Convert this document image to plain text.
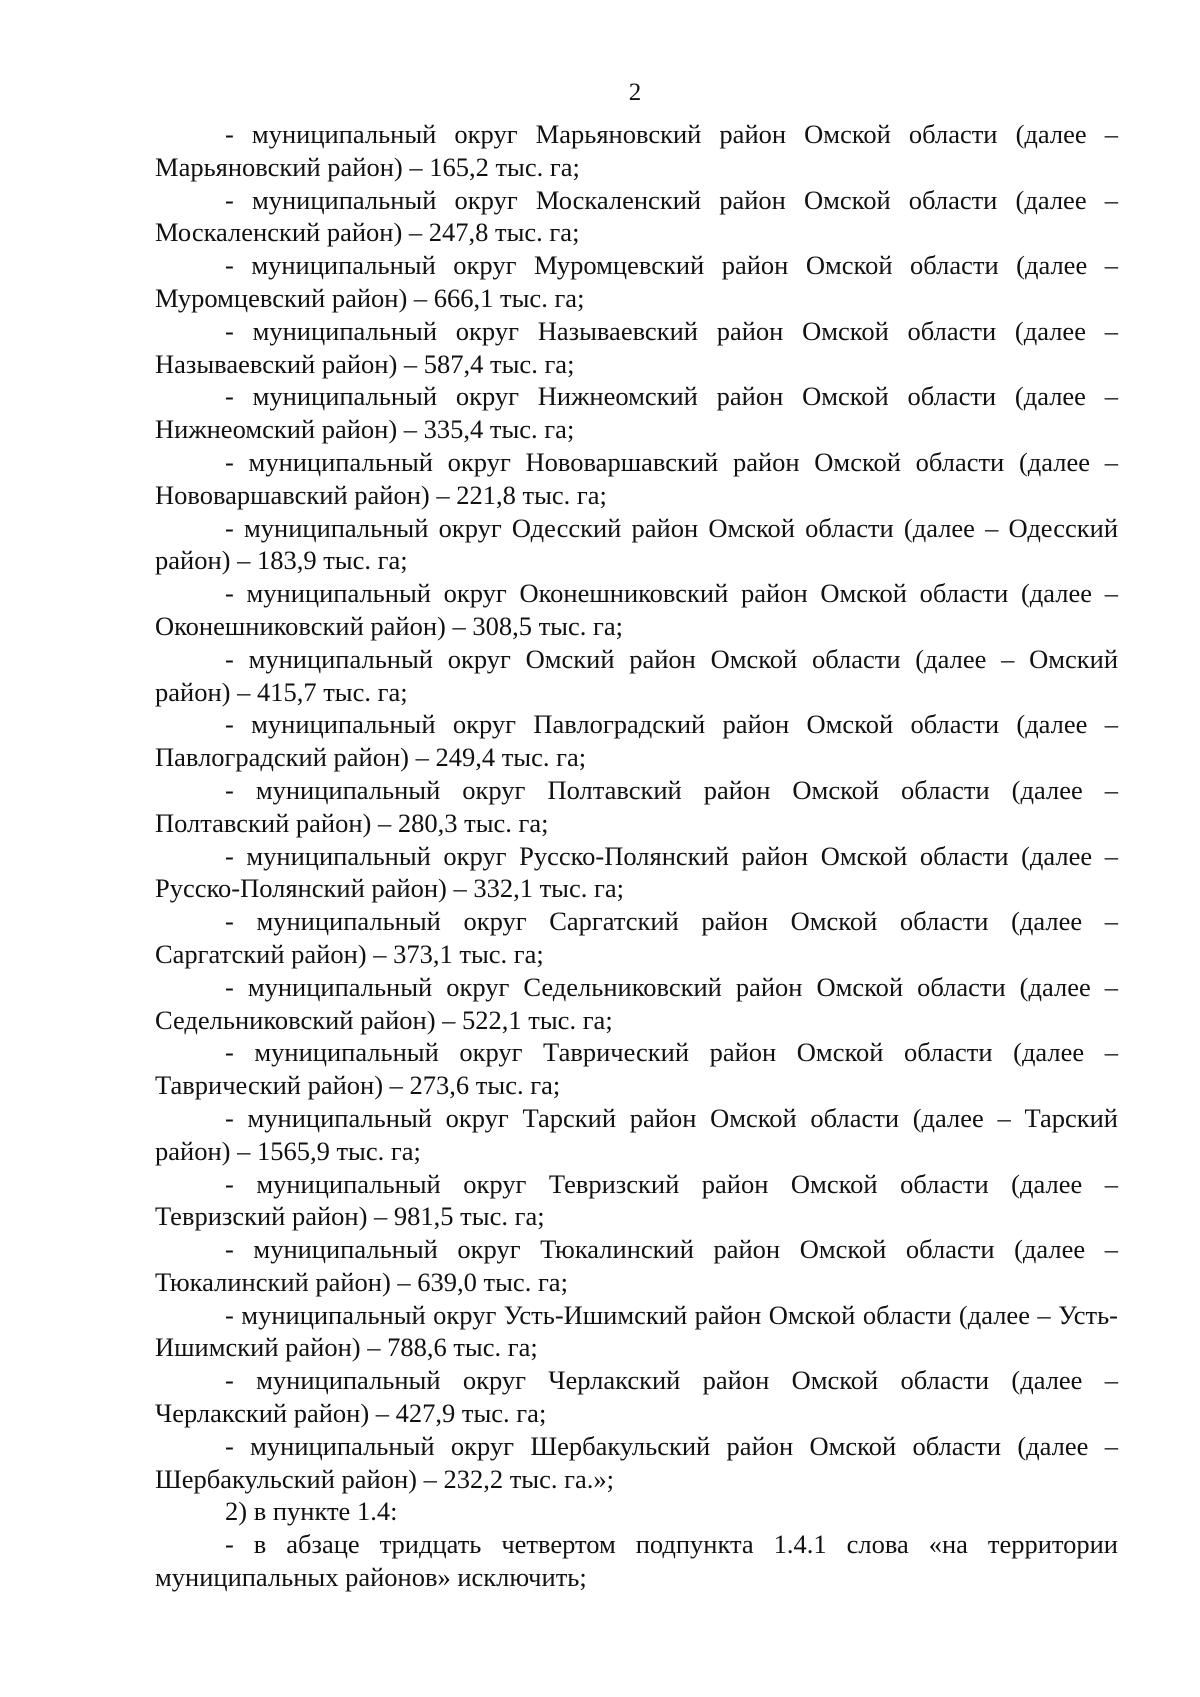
2

- муниципальный округ Марьяновский район Омской области (далее – Марьяновский район) – 165,2 тыс. га;

- муниципальный округ Москаленский район Омской области (далее – Москаленский район) – 247,8 тыс. га;

- муниципальный округ Муромцевский район Омской области (далее – Муромцевский район) – 666,1 тыс. га;

- муниципальный округ Называевский район Омской области (далее – Называевский район) – 587,4 тыс. га;

- муниципальный округ Нижнеомский район Омской области (далее – Нижнеомский район) – 335,4 тыс. га;

- муниципальный округ Нововаршавский район Омской области (далее – Нововаршавский район) – 221,8 тыс. га;

- муниципальный округ Одесский район Омской области (далее – Одесский район) – 183,9 тыс. га;

- муниципальный округ Оконешниковский район Омской области (далее – Оконешниковский район) – 308,5 тыс. га;

- муниципальный округ Омский район Омской области (далее – Омский район) – 415,7 тыс. га;

- муниципальный округ Павлоградский район Омской области (далее – Павлоградский район) – 249,4 тыс. га;

- муниципальный округ Полтавский район Омской области (далее – Полтавский район) – 280,3 тыс. га;

- муниципальный округ Русско-Полянский район Омской области (далее – Русско-Полянский район) – 332,1 тыс. га;

- муниципальный округ Саргатский район Омской области (далее – Саргатский район) – 373,1 тыс. га;

- муниципальный округ Седельниковский район Омской области (далее – Седельниковский район) – 522,1 тыс. га;

- муниципальный округ Таврический район Омской области (далее – Таврический район) – 273,6 тыс. га;

- муниципальный округ Тарский район Омской области (далее – Тарский район) – 1565,9 тыс. га;

- муниципальный округ Тевризский район Омской области (далее – Тевризский район) – 981,5 тыс. га;

- муниципальный округ Тюкалинский район Омской области (далее – Тюкалинский район) – 639,0 тыс. га;

- муниципальный округ Усть-Ишимский район Омской области (далее – Усть-Ишимский район) – 788,6 тыс. га;

- муниципальный округ Черлакский район Омской области (далее – Черлакский район) – 427,9 тыс. га;

- муниципальный округ Шербакульский район Омской области (далее – Шербакульский район) – 232,2 тыс. га.»;

2) в пункте 1.4:

- в абзаце тридцать четвертом подпункта 1.4.1 слова «на территории муниципальных районов» исключить;
